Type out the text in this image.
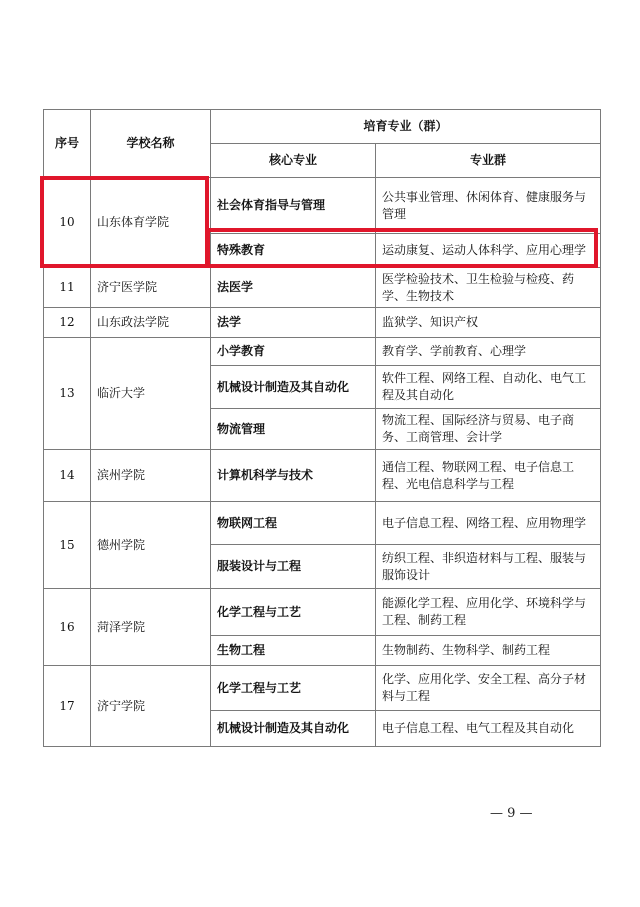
序号	学校名称	培育专业（群）	
		核心专业	专业群
10	山东体育学院	社会体育指导与管理	公共事业管理、休闲体育、健康服务与管理
		特殊教育	运动康复、运动人体科学、应用心理学
11	济宁医学院	法医学	医学检验技术、卫生检验与检疫、药学、生物技术
12	山东政法学院	法学	监狱学、知识产权
13	临沂大学	小学教育	教育学、学前教育、心理学
		机械设计制造及其自动化	软件工程、网络工程、自动化、电气工程及其自动化
		物流管理	物流工程、国际经济与贸易、电子商务、工商管理、会计学
14	滨州学院	计算机科学与技术	通信工程、物联网工程、电子信息工程、光电信息科学与工程
15	德州学院	物联网工程	电子信息工程、网络工程、应用物理学
		服装设计与工程	纺织工程、非织造材料与工程、服装与服饰设计
16	菏泽学院	化学工程与工艺	能源化学工程、应用化学、环境科学与工程、制药工程
		生物工程	生物制药、生物科学、制药工程
17	济宁学院	化学工程与工艺	化学、应用化学、安全工程、高分子材料与工程
		机械设计制造及其自动化	电子信息工程、电气工程及其自动化
— 9 —
